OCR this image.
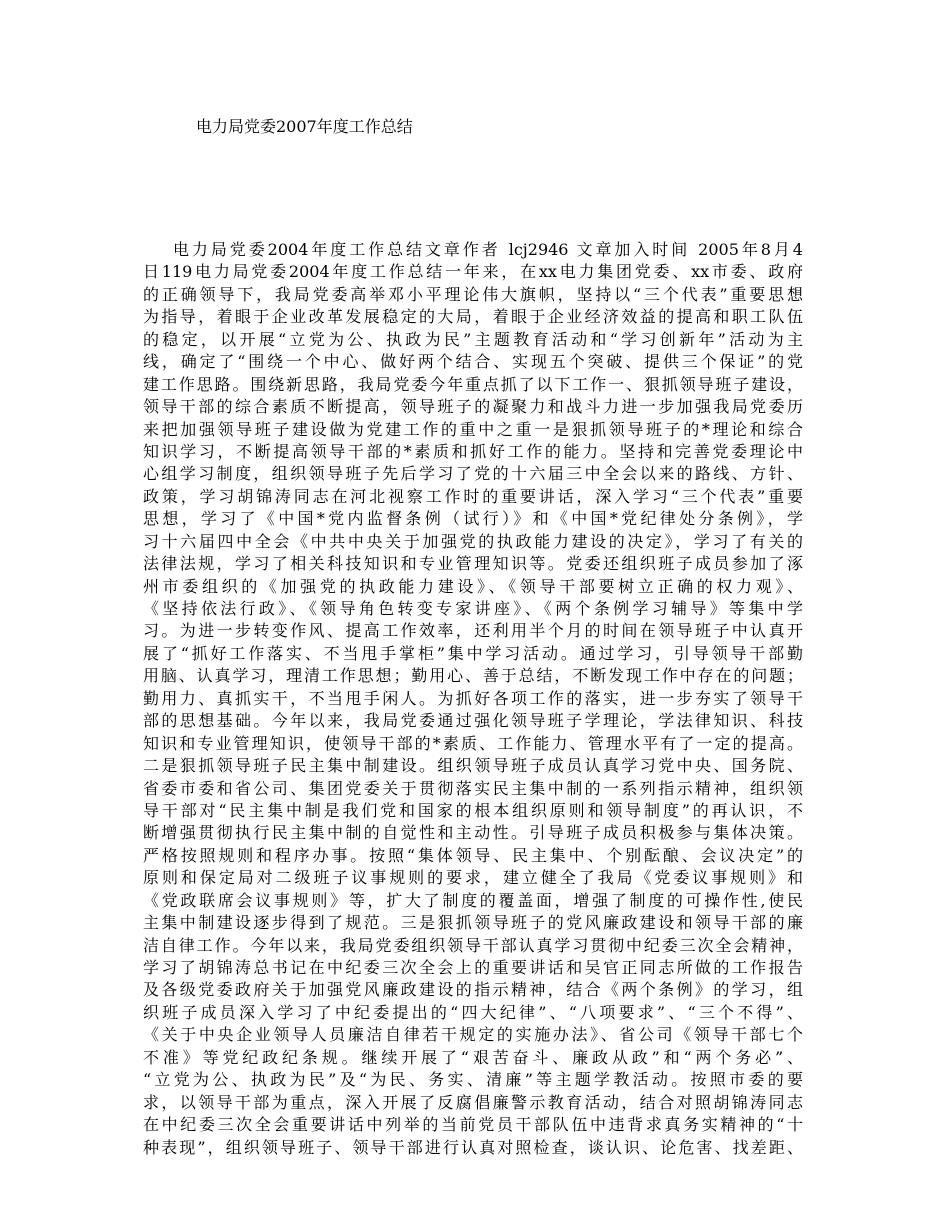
电力局党委2007年度工作总结
电力局党委2004年度工作总结文章作者 lcj2946 文章加入时间 2005年8月4
日119电力局党委2004年度工作总结一年来，在xx电力集团党委、xx市委、政府
的正确领导下，我局党委高举邓小平理论伟大旗帜，坚持以“三个代表”重要思想
为指导，着眼于企业改革发展稳定的大局，着眼于企业经济效益的提高和职工队伍
的稳定，以开展“立党为公、执政为民”主题教育活动和“学习创新年”活动为主
线，确定了“围绕一个中心、做好两个结合、实现五个突破、提供三个保证”的党
建工作思路。围绕新思路，我局党委今年重点抓了以下工作一、狠抓领导班子建设，
领导干部的综合素质不断提高，领导班子的凝聚力和战斗力进一步加强我局党委历
来把加强领导班子建设做为党建工作的重中之重一是狠抓领导班子的*理论和综合
知识学习，不断提高领导干部的*素质和抓好工作的能力。坚持和完善党委理论中
心组学习制度，组织领导班子先后学习了党的十六届三中全会以来的路线、方针、
政策，学习胡锦涛同志在河北视察工作时的重要讲话，深入学习“三个代表”重要
思想，学习了《中国*党内监督条例（试行）》和《中国*党纪律处分条例》，学
习十六届四中全会《中共中央关于加强党的执政能力建设的决定》，学习了有关的
法律法规，学习了相关科技知识和专业管理知识等。党委还组织班子成员参加了涿
州市委组织的《加强党的执政能力建设》、《领导干部要树立正确的权力观》、
《坚持依法行政》、《领导角色转变专家讲座》、《两个条例学习辅导》等集中学
习。为进一步转变作风、提高工作效率，还利用半个月的时间在领导班子中认真开
展了“抓好工作落实、不当甩手掌柜”集中学习活动。通过学习，引导领导干部勤
用脑、认真学习，理清工作思想；勤用心、善于总结，不断发现工作中存在的问题；
勤用力、真抓实干，不当甩手闲人。为抓好各项工作的落实，进一步夯实了领导干
部的思想基础。今年以来，我局党委通过强化领导班子学理论，学法律知识、科技
知识和专业管理知识，使领导干部的*素质、工作能力、管理水平有了一定的提高。
二是狠抓领导班子民主集中制建设。组织领导班子成员认真学习党中央、国务院、
省委市委和省公司、集团党委关于贯彻落实民主集中制的一系列指示精神，组织领
导干部对“民主集中制是我们党和国家的根本组织原则和领导制度”的再认识，不
断增强贯彻执行民主集中制的自觉性和主动性。引导班子成员积极参与集体决策。
严格按照规则和程序办事。按照“集体领导、民主集中、个别酝酿、会议决定”的
原则和保定局对二级班子议事规则的要求，建立健全了我局《党委议事规则》和
《党政联席会议事规则》等，扩大了制度的覆盖面，增强了制度的可操作性,使民
主集中制建设逐步得到了规范。三是狠抓领导班子的党风廉政建设和领导干部的廉
洁自律工作。今年以来，我局党委组织领导干部认真学习贯彻中纪委三次全会精神，
学习了胡锦涛总书记在中纪委三次全会上的重要讲话和吴官正同志所做的工作报告
及各级党委政府关于加强党风廉政建设的指示精神，结合《两个条例》的学习，组
织班子成员深入学习了中纪委提出的“四大纪律”、“八项要求”、“三个不得”、
《关于中央企业领导人员廉洁自律若干规定的实施办法》、省公司《领导干部七个
不准》等党纪政纪条规。继续开展了“艰苦奋斗、廉政从政”和“两个务必”、
“立党为公、执政为民”及“为民、务实、清廉”等主题学教活动。按照市委的要
求，以领导干部为重点，深入开展了反腐倡廉警示教育活动，结合对照胡锦涛同志
在中纪委三次全会重要讲话中列举的当前党员干部队伍中违背求真务实精神的“十
种表现”，组织领导班子、领导干部进行认真对照检查，谈认识、论危害、找差距、
